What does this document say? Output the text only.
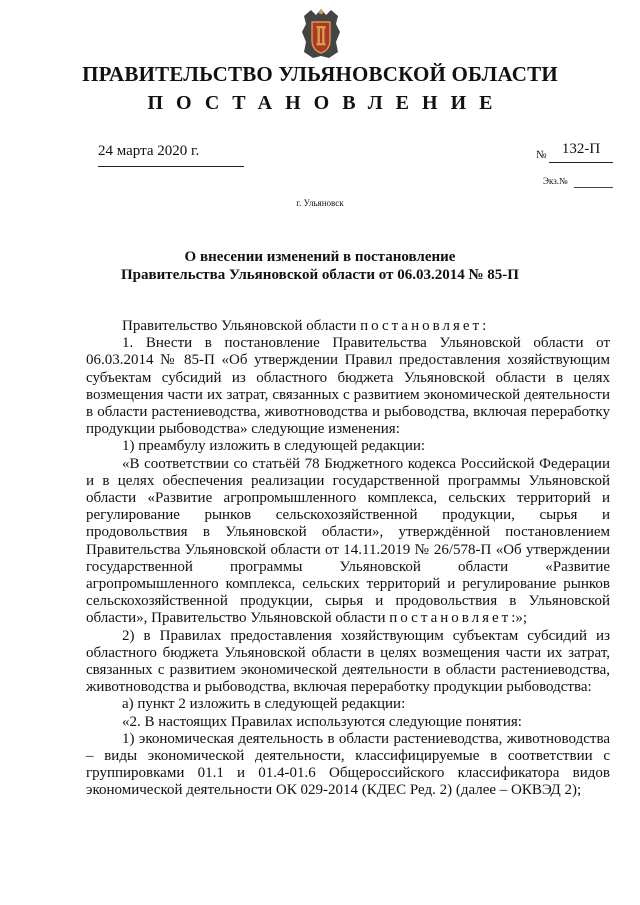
ПРАВИТЕЛЬСТВО УЛЬЯНОВСКОЙ ОБЛАСТИ
ПОСТАНОВЛЕНИЕ
24 марта 2020 г.	№	132-П
Экз.№
г. Ульяновск
О внесении изменений в постановление
Правительства Ульяновской области от 06.03.2014 № 85-П

Правительство Ульяновской области постановляет:

1. Внести в постановление Правительства Ульяновской области от 06.03.2014 № 85-П «Об утверждении Правил предоставления хозяйствующим субъектам субсидий из областного бюджета Ульяновской области в целях возмещения части их затрат, связанных с развитием экономической деятельности в области растениеводства, животноводства и рыбоводства, включая переработку продукции рыбоводства» следующие изменения:

1) преамбулу изложить в следующей редакции:

«В соответствии со статьёй 78 Бюджетного кодекса Российской Федерации и в целях обеспечения реализации государственной программы Ульяновской области «Развитие агропромышленного комплекса, сельских территорий и регулирование рынков сельскохозяйственной продукции, сырья и продовольствия в Ульяновской области», утверждённой постановлением Правительства Ульяновской области от 14.11.2019 № 26/578-П «Об утверждении государственной программы Ульяновской области «Развитие агропромышленного комплекса, сельских территорий и регулирование рынков сельскохозяйственной продукции, сырья и продовольствия в Ульяновской области», Правительство Ульяновской области постановляет:»;

2) в Правилах предоставления хозяйствующим субъектам субсидий из областного бюджета Ульяновской области в целях возмещения части их затрат, связанных с развитием экономической деятельности в области растениеводства, животноводства и рыбоводства, включая переработку продукции рыбоводства:

а) пункт 2 изложить в следующей редакции:

«2. В настоящих Правилах используются следующие понятия:

1) экономическая деятельность в области растениеводства, животноводства – виды экономической деятельности, классифицируемые в соответствии с группировками 01.1 и 01.4-01.6 Общероссийского классификатора видов экономической деятельности ОК 029-2014 (КДЕС Ред. 2) (далее – ОКВЭД 2);
